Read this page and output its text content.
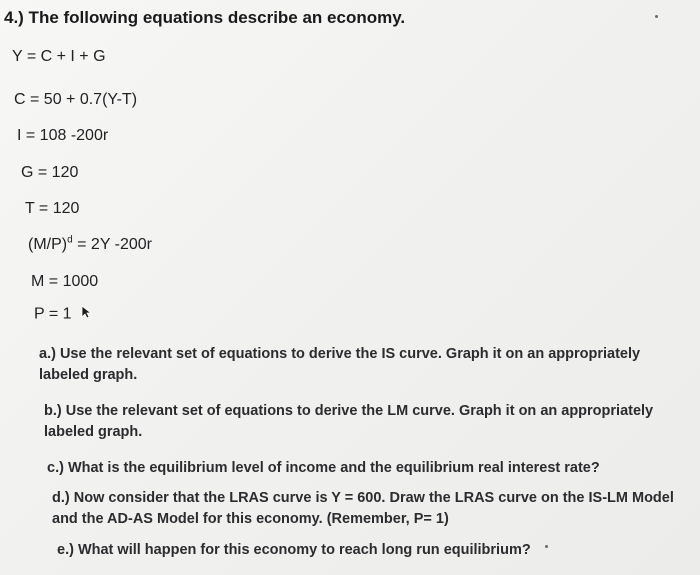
4.) The following equations describe an economy.
Y = C + I + G
C = 50 + 0.7(Y-T)
I = 108 -200r
G = 120
T = 120
$(M/P)^d = 2Y$ -200r
M = 1000
P = 1
a.) Use the relevant set of equations to derive the IS curve. Graph it on an appropriately labeled graph.
b.) Use the relevant set of equations to derive the LM curve. Graph it on an appropriately labeled graph.
c.) What is the equilibrium level of income and the equilibrium real interest rate?
d.) Now consider that the LRAS curve is Y = 600. Draw the LRAS curve on the IS-LM Model and the AD-AS Model for this economy. (Remember, P= 1)
e.) What will happen for this economy to reach long run equilibrium?
